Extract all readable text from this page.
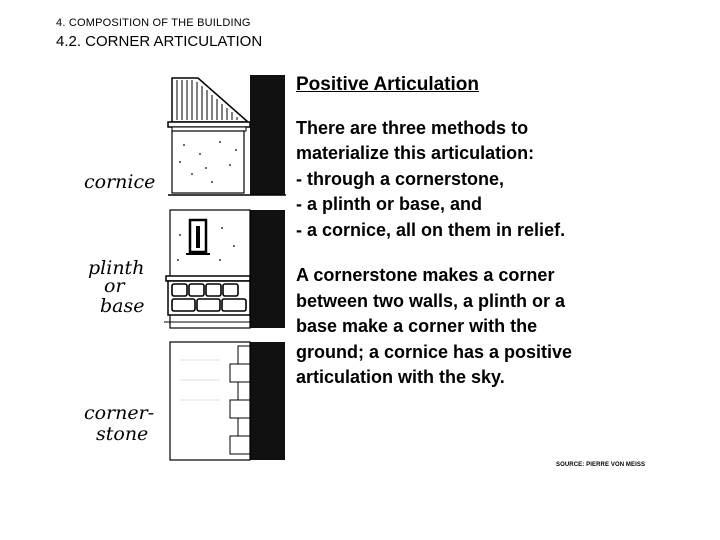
4. COMPOSITION OF THE BUILDING
4.2. CORNER ARTICULATION
cornice
plinth
or
base
corner-
stone
Positive Articulation
There are three methods to
materialize this articulation:
- through a cornerstone,
- a plinth or base, and
- a cornice, all on them in relief.
A cornerstone makes a corner
between two walls, a plinth or a
base make a corner with the
ground; a cornice has a positive
articulation with the sky.
SOURCE: PIERRE VON MEISS
